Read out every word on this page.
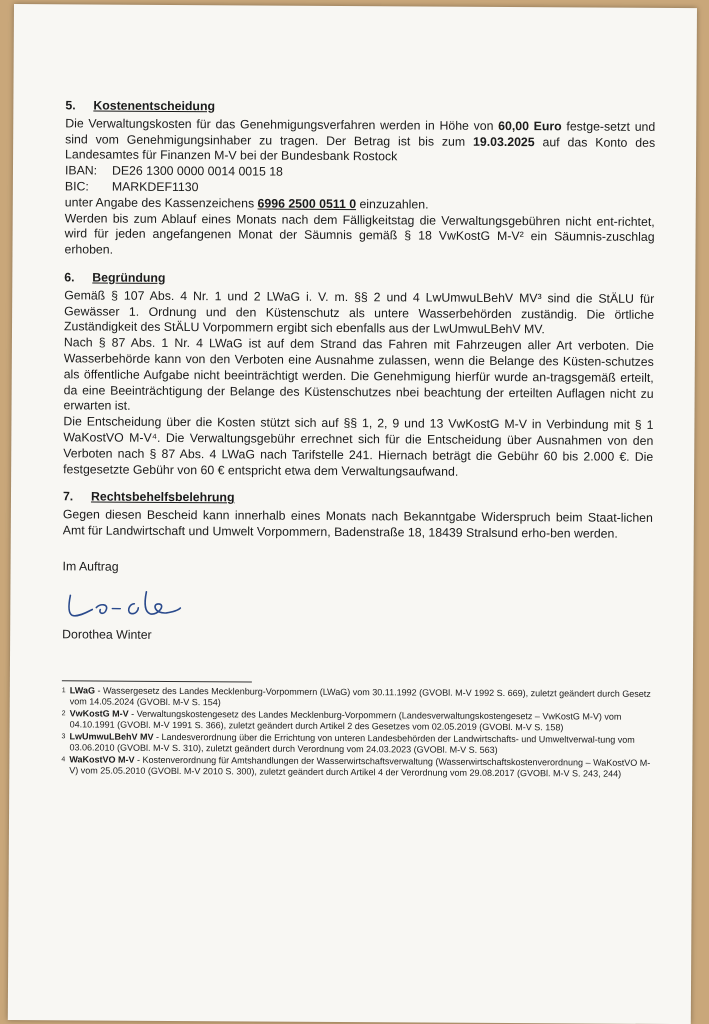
5. Kostenentscheidung

Die Verwaltungskosten für das Genehmigungsverfahren werden in Höhe von 60,00 Euro festge-setzt und sind vom Genehmigungsinhaber zu tragen. Der Betrag ist bis zum 19.03.2025 auf das Konto des Landesamtes für Finanzen M-V bei der Bundesbank Rostock

IBAN:	DE26 1300 0000 0014 0015 18
BIC:	MARKDEF1130

unter Angabe des Kassenzeichens 6996 2500 0511 0 einzuzahlen.

Werden bis zum Ablauf eines Monats nach dem Fälligkeitstag die Verwaltungsgebühren nicht ent-richtet, wird für jeden angefangenen Monat der Säumnis gemäß § 18 VwKostG M-V² ein Säumnis-zuschlag erhoben.

6. Begründung

Gemäß § 107 Abs. 4 Nr. 1 und 2 LWaG i. V. m. §§ 2 und 4 LwUmwuLBehV MV³ sind die StÄLU für Gewässer 1. Ordnung und den Küstenschutz als untere Wasserbehörden zuständig. Die örtliche Zuständigkeit des StÄLU Vorpommern ergibt sich ebenfalls aus der LwUmwuLBehV MV.

Nach § 87 Abs. 1 Nr. 4 LWaG ist auf dem Strand das Fahren mit Fahrzeugen aller Art verboten. Die Wasserbehörde kann von den Verboten eine Ausnahme zulassen, wenn die Belange des Küsten-schutzes als öffentliche Aufgabe nicht beeinträchtigt werden. Die Genehmigung hierfür wurde an-tragsgemäß erteilt, da eine Beeinträchtigung der Belange des Küstenschutzes nbei beachtung der erteilten Auflagen nicht zu erwarten ist.

Die Entscheidung über die Kosten stützt sich auf §§ 1, 2, 9 und 13 VwKostG M-V in Verbindung mit § 1 WaKostVO M-V⁴. Die Verwaltungsgebühr errechnet sich für die Entscheidung über Ausnahmen von den Verboten nach § 87 Abs. 4 LWaG nach Tarifstelle 241. Hiernach beträgt die Gebühr 60 bis 2.000 €. Die festgesetzte Gebühr von 60 € entspricht etwa dem Verwaltungsaufwand.

7. Rechtsbehelfsbelehrung

Gegen diesen Bescheid kann innerhalb eines Monats nach Bekanntgabe Widerspruch beim Staat-lichen Amt für Landwirtschaft und Umwelt Vorpommern, Badenstraße 18, 18439 Stralsund erho-ben werden.

Im Auftrag
Dorothea Winter
1 LWaG - Wassergesetz des Landes Mecklenburg-Vorpommern (LWaG) vom 30.11.1992 (GVOBl. M-V 1992 S. 669), zuletzt geändert durch Gesetz vom 14.05.2024 (GVOBl. M-V S. 154)
2 VwKostG M-V - Verwaltungskostengesetz des Landes Mecklenburg-Vorpommern (Landesverwaltungskostengesetz – VwKostG M-V) vom 04.10.1991 (GVOBl. M-V 1991 S. 366), zuletzt geändert durch Artikel 2 des Gesetzes vom 02.05.2019 (GVOBl. M-V S. 158)
3 LwUmwuLBehV MV - Landesverordnung über die Errichtung von unteren Landesbehörden der Landwirtschafts- und Umweltverwal-tung vom 03.06.2010 (GVOBl. M-V S. 310), zuletzt geändert durch Verordnung vom 24.03.2023 (GVOBl. M-V S. 563)
4 WaKostVO M-V - Kostenverordnung für Amtshandlungen der Wasserwirtschaftsverwaltung (Wasserwirtschaftskostenverordnung – WaKostVO M-V) vom 25.05.2010 (GVOBl. M-V 2010 S. 300), zuletzt geändert durch Artikel 4 der Verordnung vom 29.08.2017 (GVOBl. M-V S. 243, 244)
